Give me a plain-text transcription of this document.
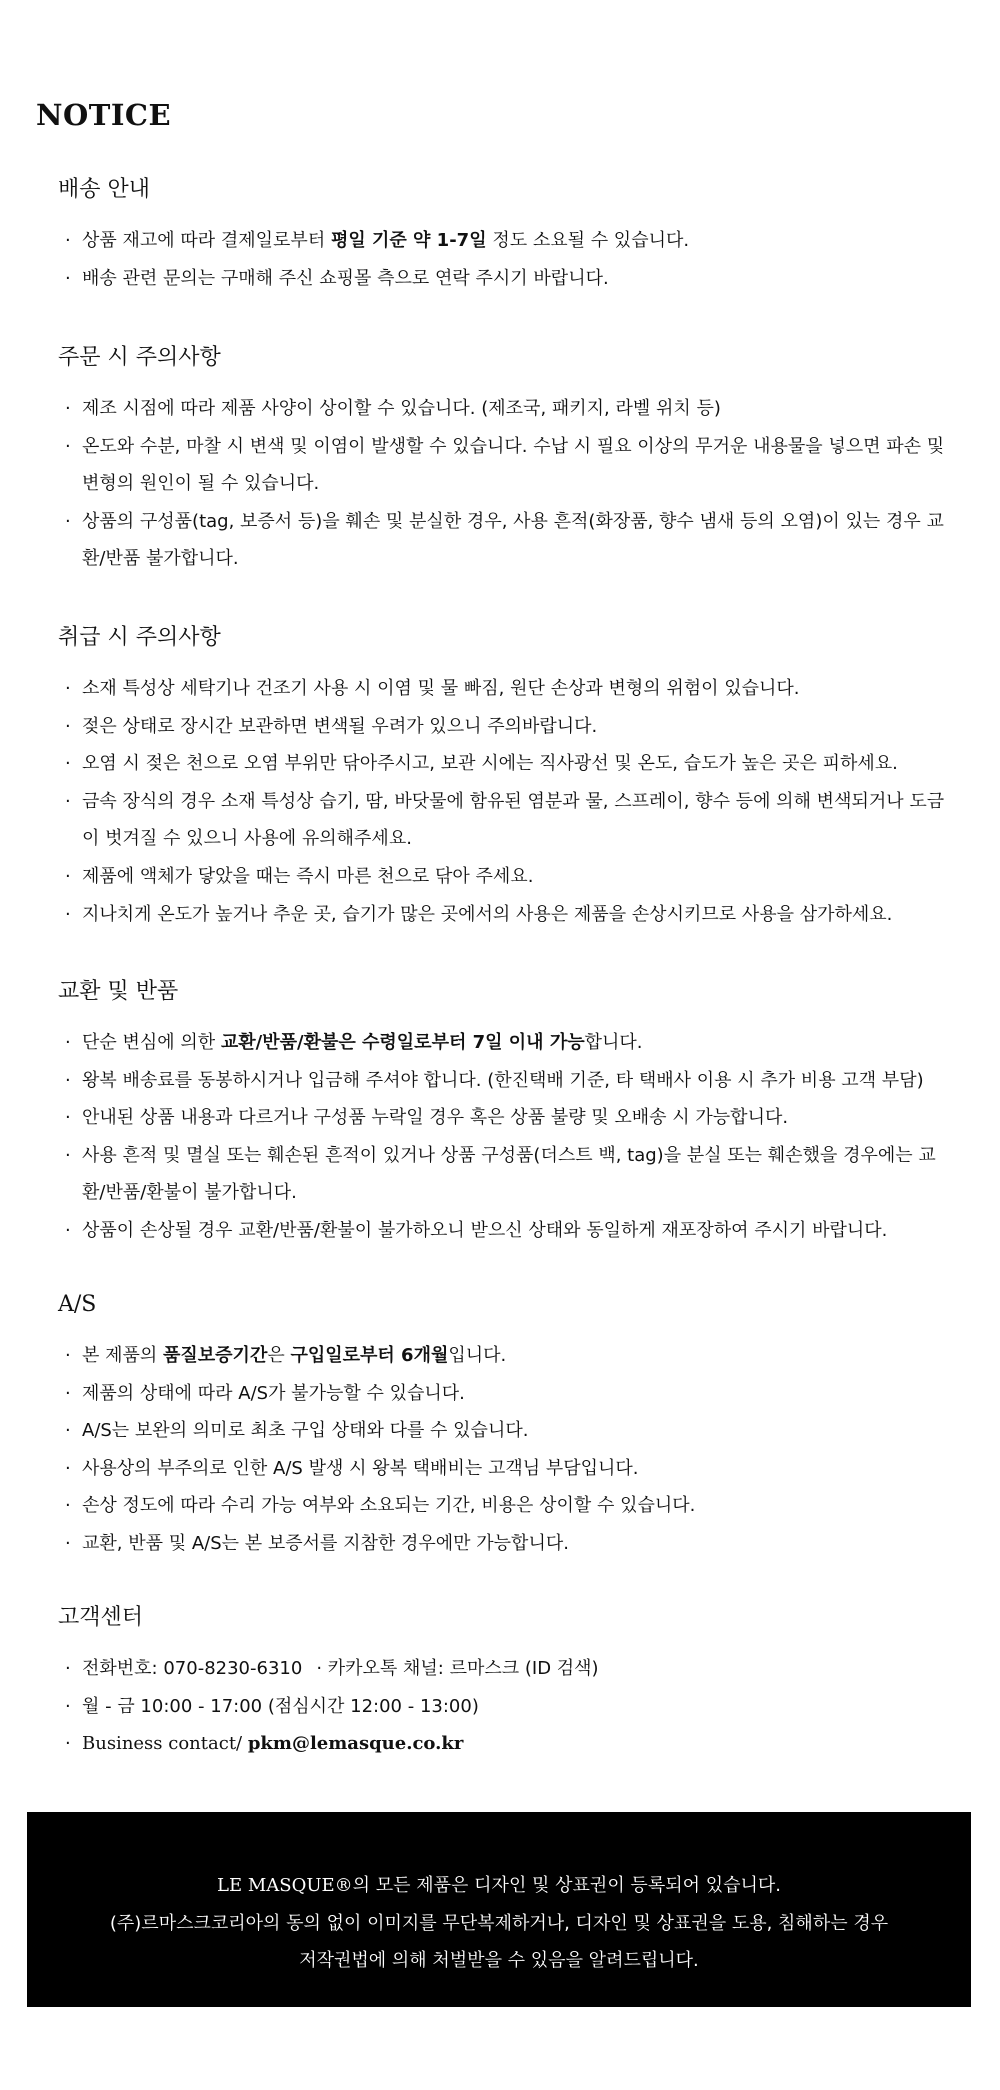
NOTICE
배송 안내
· 상품 재고에 따라 결제일로부터 평일 기준 약 1-7일 정도 소요될 수 있습니다.
· 배송 관련 문의는 구매해 주신 쇼핑몰 측으로 연락 주시기 바랍니다.
주문 시 주의사항
· 제조 시점에 따라 제품 사양이 상이할 수 있습니다. (제조국, 패키지, 라벨 위치 등)
· 온도와 수분, 마찰 시 변색 및 이염이 발생할 수 있습니다. 수납 시 필요 이상의 무거운 내용물을 넣으면 파손 및 변형의 원인이 될 수 있습니다.
· 상품의 구성품(tag, 보증서 등)을 훼손 및 분실한 경우, 사용 흔적(화장품, 향수 냄새 등의 오염)이 있는 경우 교환/반품 불가합니다.
취급 시 주의사항
· 소재 특성상 세탁기나 건조기 사용 시 이염 및 물 빠짐, 원단 손상과 변형의 위험이 있습니다.
· 젖은 상태로 장시간 보관하면 변색될 우려가 있으니 주의바랍니다.
· 오염 시 젖은 천으로 오염 부위만 닦아주시고, 보관 시에는 직사광선 및 온도, 습도가 높은 곳은 피하세요.
· 금속 장식의 경우 소재 특성상 습기, 땀, 바닷물에 함유된 염분과 물, 스프레이, 향수 등에 의해 변색되거나 도금이 벗겨질 수 있으니 사용에 유의해주세요.
· 제품에 액체가 닿았을 때는 즉시 마른 천으로 닦아 주세요.
· 지나치게 온도가 높거나 추운 곳, 습기가 많은 곳에서의 사용은 제품을 손상시키므로 사용을 삼가하세요.
교환 및 반품
· 단순 변심에 의한 교환/반품/환불은 수령일로부터 7일 이내 가능합니다.
· 왕복 배송료를 동봉하시거나 입금해 주셔야 합니다. (한진택배 기준, 타 택배사 이용 시 추가 비용 고객 부담)
· 안내된 상품 내용과 다르거나 구성품 누락일 경우 혹은 상품 불량 및 오배송 시 가능합니다.
· 사용 흔적 및 멸실 또는 훼손된 흔적이 있거나 상품 구성품(더스트 백, tag)을 분실 또는 훼손했을 경우에는 교환/반품/환불이 불가합니다.
· 상품이 손상될 경우 교환/반품/환불이 불가하오니 받으신 상태와 동일하게 재포장하여 주시기 바랍니다.
A/S
· 본 제품의 품질보증기간은 구입일로부터 6개월입니다.
· 제품의 상태에 따라 A/S가 불가능할 수 있습니다.
· A/S는 보완의 의미로 최초 구입 상태와 다를 수 있습니다.
· 사용상의 부주의로 인한 A/S 발생 시 왕복 택배비는 고객님 부담입니다.
· 손상 정도에 따라 수리 가능 여부와 소요되는 기간, 비용은 상이할 수 있습니다.
· 교환, 반품 및 A/S는 본 보증서를 지참한 경우에만 가능합니다.
고객센터
· 전화번호: 070-8230-6310 · 카카오톡 채널: 르마스크 (ID 검색)
· 월 - 금 10:00 - 17:00 (점심시간 12:00 - 13:00)
· Business contact/ pkm@lemasque.co.kr

LE MASQUE®의 모든 제품은 디자인 및 상표권이 등록되어 있습니다.

(주)르마스크코리아의 동의 없이 이미지를 무단복제하거나, 디자인 및 상표권을 도용, 침해하는 경우

저작권법에 의해 처벌받을 수 있음을 알려드립니다.
